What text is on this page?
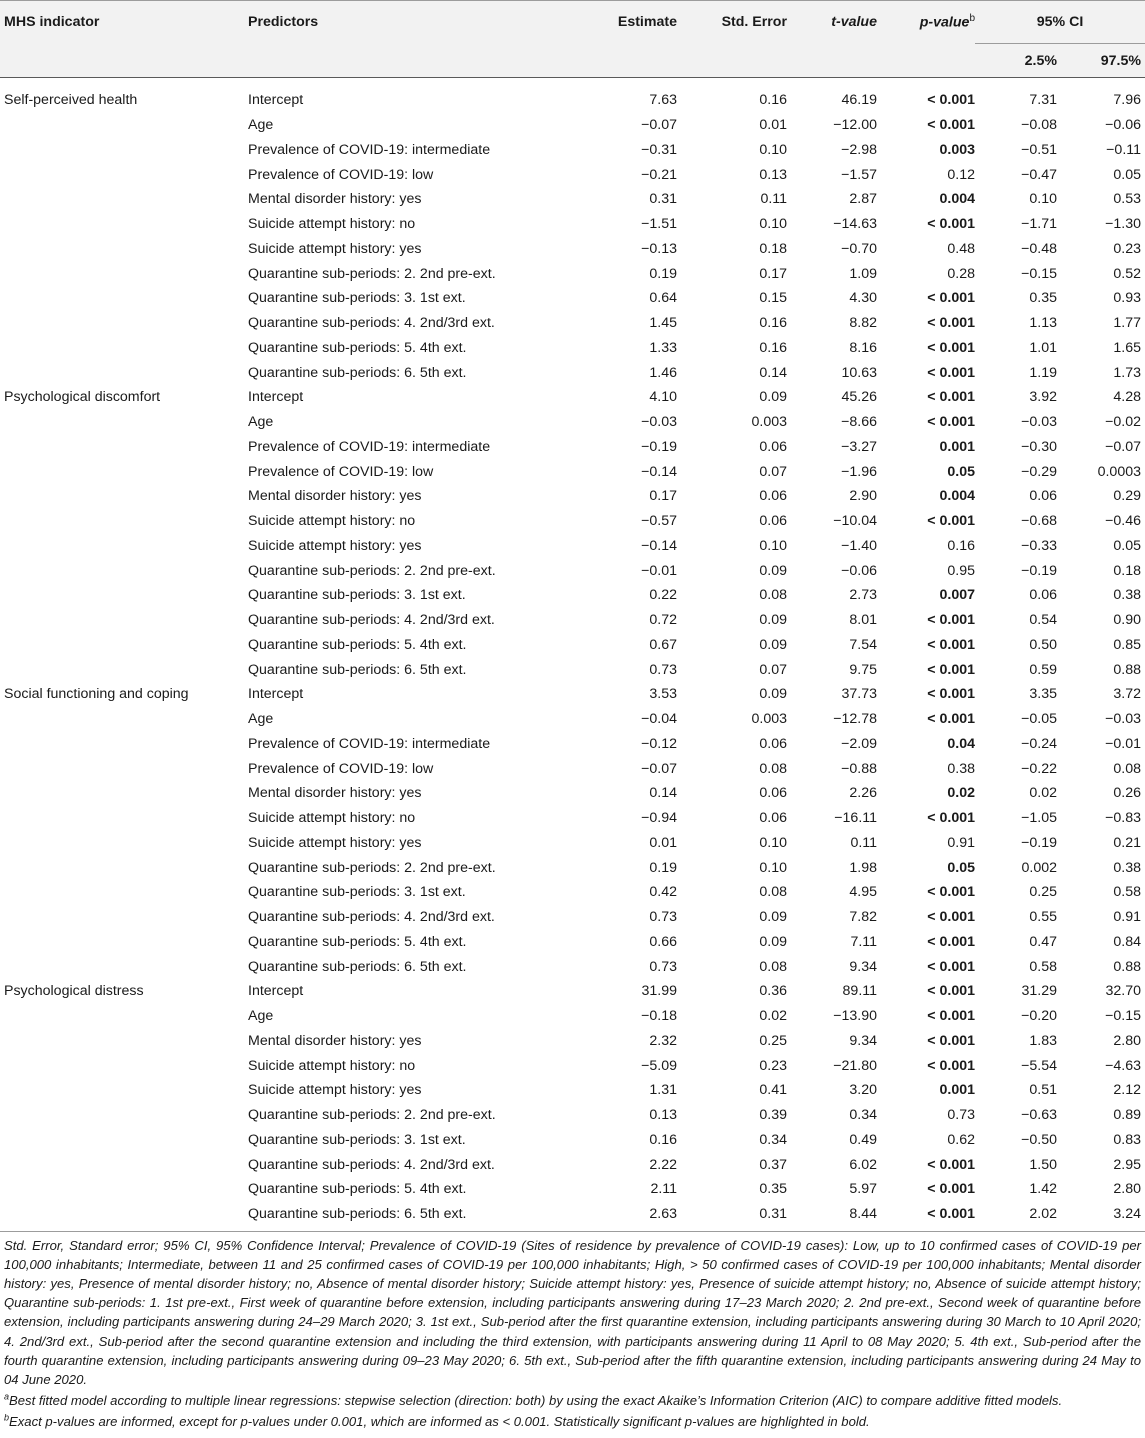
MHS indicator	Predictors	Estimate	Std. Error	t-value	p-value$^b$	95% CI	
						2.5%	97.5%
Self-perceived health	Intercept	7.63	0.16	46.19	< 0.001	7.31	7.96
	Age	−0.07	0.01	−12.00	< 0.001	−0.08	−0.06
	Prevalence of COVID-19: intermediate	−0.31	0.10	−2.98	0.003	−0.51	−0.11
	Prevalence of COVID-19: low	−0.21	0.13	−1.57	0.12	−0.47	0.05
	Mental disorder history: yes	0.31	0.11	2.87	0.004	0.10	0.53
	Suicide attempt history: no	−1.51	0.10	−14.63	< 0.001	−1.71	−1.30
	Suicide attempt history: yes	−0.13	0.18	−0.70	0.48	−0.48	0.23
	Quarantine sub-periods: 2. 2nd pre-ext.	0.19	0.17	1.09	0.28	−0.15	0.52
	Quarantine sub-periods: 3. 1st ext.	0.64	0.15	4.30	< 0.001	0.35	0.93
	Quarantine sub-periods: 4. 2nd/3rd ext.	1.45	0.16	8.82	< 0.001	1.13	1.77
	Quarantine sub-periods: 5. 4th ext.	1.33	0.16	8.16	< 0.001	1.01	1.65
	Quarantine sub-periods: 6. 5th ext.	1.46	0.14	10.63	< 0.001	1.19	1.73
Psychological discomfort	Intercept	4.10	0.09	45.26	< 0.001	3.92	4.28
	Age	−0.03	0.003	−8.66	< 0.001	−0.03	−0.02
	Prevalence of COVID-19: intermediate	−0.19	0.06	−3.27	0.001	−0.30	−0.07
	Prevalence of COVID-19: low	−0.14	0.07	−1.96	0.05	−0.29	0.0003
	Mental disorder history: yes	0.17	0.06	2.90	0.004	0.06	0.29
	Suicide attempt history: no	−0.57	0.06	−10.04	< 0.001	−0.68	−0.46
	Suicide attempt history: yes	−0.14	0.10	−1.40	0.16	−0.33	0.05
	Quarantine sub-periods: 2. 2nd pre-ext.	−0.01	0.09	−0.06	0.95	−0.19	0.18
	Quarantine sub-periods: 3. 1st ext.	0.22	0.08	2.73	0.007	0.06	0.38
	Quarantine sub-periods: 4. 2nd/3rd ext.	0.72	0.09	8.01	< 0.001	0.54	0.90
	Quarantine sub-periods: 5. 4th ext.	0.67	0.09	7.54	< 0.001	0.50	0.85
	Quarantine sub-periods: 6. 5th ext.	0.73	0.07	9.75	< 0.001	0.59	0.88
Social functioning and coping	Intercept	3.53	0.09	37.73	< 0.001	3.35	3.72
	Age	−0.04	0.003	−12.78	< 0.001	−0.05	−0.03
	Prevalence of COVID-19: intermediate	−0.12	0.06	−2.09	0.04	−0.24	−0.01
	Prevalence of COVID-19: low	−0.07	0.08	−0.88	0.38	−0.22	0.08
	Mental disorder history: yes	0.14	0.06	2.26	0.02	0.02	0.26
	Suicide attempt history: no	−0.94	0.06	−16.11	< 0.001	−1.05	−0.83
	Suicide attempt history: yes	0.01	0.10	0.11	0.91	−0.19	0.21
	Quarantine sub-periods: 2. 2nd pre-ext.	0.19	0.10	1.98	0.05	0.002	0.38
	Quarantine sub-periods: 3. 1st ext.	0.42	0.08	4.95	< 0.001	0.25	0.58
	Quarantine sub-periods: 4. 2nd/3rd ext.	0.73	0.09	7.82	< 0.001	0.55	0.91
	Quarantine sub-periods: 5. 4th ext.	0.66	0.09	7.11	< 0.001	0.47	0.84
	Quarantine sub-periods: 6. 5th ext.	0.73	0.08	9.34	< 0.001	0.58	0.88
Psychological distress	Intercept	31.99	0.36	89.11	< 0.001	31.29	32.70
	Age	−0.18	0.02	−13.90	< 0.001	−0.20	−0.15
	Mental disorder history: yes	2.32	0.25	9.34	< 0.001	1.83	2.80
	Suicide attempt history: no	−5.09	0.23	−21.80	< 0.001	−5.54	−4.63
	Suicide attempt history: yes	1.31	0.41	3.20	0.001	0.51	2.12
	Quarantine sub-periods: 2. 2nd pre-ext.	0.13	0.39	0.34	0.73	−0.63	0.89
	Quarantine sub-periods: 3. 1st ext.	0.16	0.34	0.49	0.62	−0.50	0.83
	Quarantine sub-periods: 4. 2nd/3rd ext.	2.22	0.37	6.02	< 0.001	1.50	2.95
	Quarantine sub-periods: 5. 4th ext.	2.11	0.35	5.97	< 0.001	1.42	2.80
	Quarantine sub-periods: 6. 5th ext.	2.63	0.31	8.44	< 0.001	2.02	3.24

Std. Error, Standard error; 95% CI, 95% Confidence Interval; Prevalence of COVID-19 (Sites of residence by prevalence of COVID-19 cases): Low, up to 10 confirmed cases of COVID-19 per 100,000 inhabitants; Intermediate, between 11 and 25 confirmed cases of COVID-19 per 100,000 inhabitants; High, > 50 confirmed cases of COVID-19 per 100,000 inhabitants; Mental disorder history: yes, Presence of mental disorder history; no, Absence of mental disorder history; Suicide attempt history: yes, Presence of suicide attempt history; no, Absence of suicide attempt history; Quarantine sub-periods: 1. 1st pre-ext., First week of quarantine before extension, including participants answering during 17–23 March 2020; 2. 2nd pre-ext., Second week of quarantine before extension, including participants answering during 24–29 March 2020; 3. 1st ext., Sub-period after the first quarantine extension, including participants answering during 30 March to 10 April 2020; 4. 2nd/3rd ext., Sub-period after the second quarantine extension and including the third extension, with participants answering during 11 April to 08 May 2020; 5. 4th ext., Sub-period after the fourth quarantine extension, including participants answering during 09–23 May 2020; 6. 5th ext., Sub-period after the fifth quarantine extension, including participants answering during 24 May to 04 June 2020.

$^a$Best fitted model according to multiple linear regressions: stepwise selection (direction: both) by using the exact Akaike’s Information Criterion (AIC) to compare additive fitted models.

$^b$Exact p-values are informed, except for p-values under 0.001, which are informed as < 0.001. Statistically significant p-values are highlighted in bold.
